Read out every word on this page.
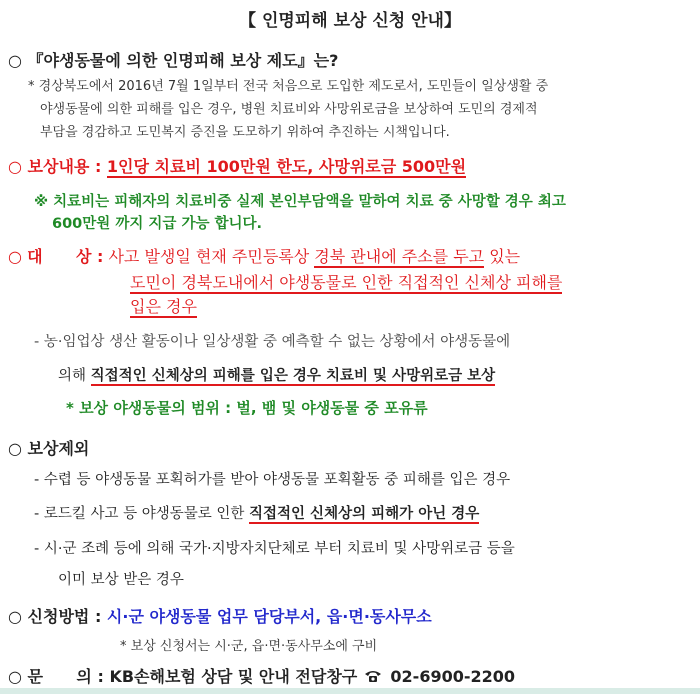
【 인명피해 보상 신청 안내】
○ 『야생동물에 의한 인명피해 보상 제도』는?
* 경상북도에서 2016년 7월 1일부터 전국 처음으로 도입한 제도로서, 도민들이 일상생활 중
야생동물에 의한 피해를 입은 경우, 병원 치료비와 사망위로금을 보상하여 도민의 경제적
부담을 경감하고 도민복지 증진을 도모하기 위하여 추진하는 시책입니다.
○ 보상내용 : 1인당 치료비 100만원 한도, 사망위로금 500만원
※ 치료비는 피해자의 치료비중 실제 본인부담액을 말하여 치료 중 사망할 경우 최고
600만원 까지 지급 가능 합니다.
○ 대      상 : 사고 발생일 현재 주민등록상 경북 관내에 주소를 두고 있는
도민이 경북도내에서 야생동물로 인한 직접적인 신체상 피해를
입은 경우
- 농·임업상 생산 활동이나 일상생활 중 예측할 수 없는 상황에서 야생동물에
의해 직접적인 신체상의 피해를 입은 경우 치료비 및 사망위로금 보상
* 보상 야생동물의 범위 : 벌, 뱀 및 야생동물 중 포유류
○ 보상제외
- 수렵 등 야생동물 포획허가를 받아 야생동물 포획활동 중 피해를 입은 경우
- 로드킬 사고 등 야생동물로 인한 직접적인 신체상의 피해가 아닌 경우
- 시·군 조례 등에 의해 국가·지방자치단체로 부터 치료비 및 사망위로금 등을
이미 보상 받은 경우
○ 신청방법 : 시·군 야생동물 업무 담당부서, 읍·면·동사무소
* 보상 신청서는 시·군, 읍·면·동사무소에 구비
○ 문      의 : KB손해보험 상담 및 안내 전담창구 02-6900-2200
